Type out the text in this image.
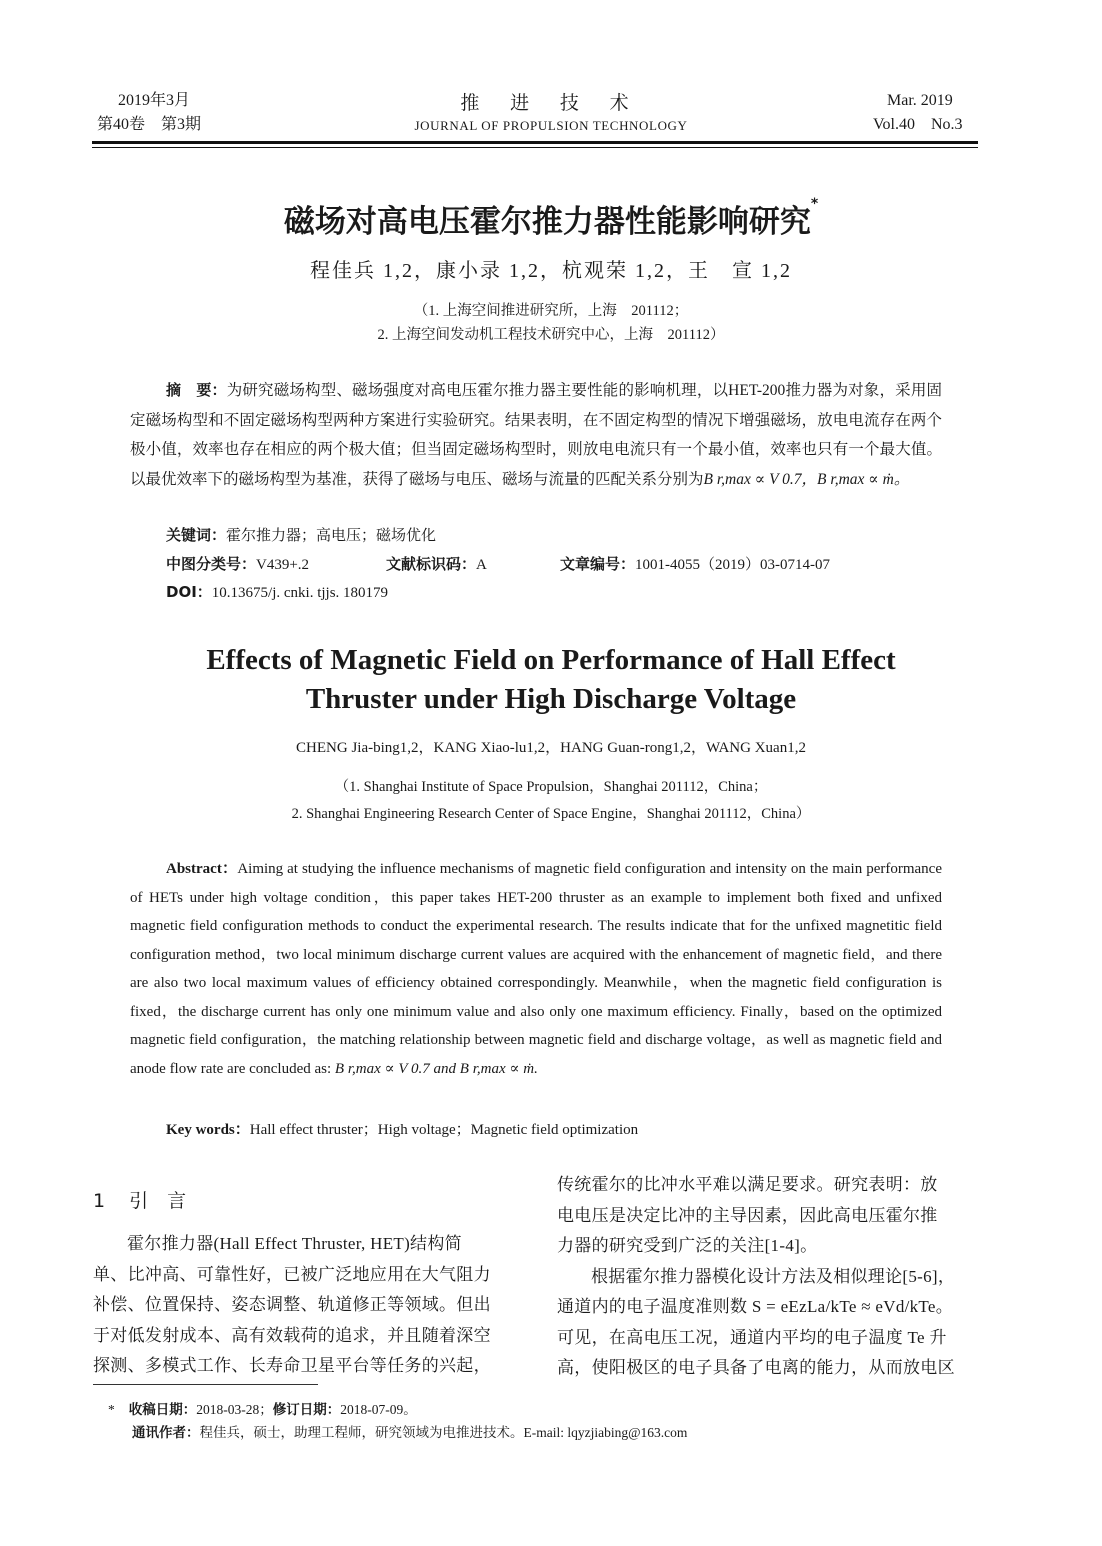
2019年3月
第40卷　第3期
推 进 技 术
JOURNAL OF PROPULSION TECHNOLOGY
Mar. 2019
Vol.40　No.3
磁场对高电压霍尔推力器性能影响研究*
程佳兵 1,2，康小录 1,2，杭观荣 1,2，王　宣 1,2
（1. 上海空间推进研究所，上海　201112；
2. 上海空间发动机工程技术研究中心，上海　201112）
摘　要：为研究磁场构型、磁场强度对高电压霍尔推力器主要性能的影响机理，以HET-200推力器为对象，采用固定磁场构型和不固定磁场构型两种方案进行实验研究。结果表明，在不固定构型的情况下增强磁场，放电电流存在两个极小值，效率也存在相应的两个极大值；但当固定磁场构型时，则放电电流只有一个最小值，效率也只有一个最大值。以最优效率下的磁场构型为基准，获得了磁场与电压、磁场与流量的匹配关系分别为B r,max ∝ V 0.7，B r,max ∝ ṁ。
关键词：霍尔推力器；高电压；磁场优化
中图分类号：V439+.2	文献标识码：A	文章编号：1001-4055（2019）03-0714-07
DOI：10.13675/j. cnki. tjjs. 180179
Effects of Magnetic Field on Performance of Hall Effect
Thruster under High Discharge Voltage
CHENG Jia-bing1,2，KANG Xiao-lu1,2，HANG Guan-rong1,2，WANG Xuan1,2
（1. Shanghai Institute of Space Propulsion，Shanghai 201112，China；
2. Shanghai Engineering Research Center of Space Engine，Shanghai 201112，China）
Abstract：Aiming at studying the influence mechanisms of magnetic field configuration and intensity on the main performance of HETs under high voltage condition，this paper takes HET-200 thruster as an example to implement both fixed and unfixed magnetic field configuration methods to conduct the experimental research. The results indicate that for the unfixed magnetitic field configuration method，two local minimum discharge current values are acquired with the enhancement of magnetic field，and there are also two local maximum values of efficiency obtained correspondingly. Meanwhile，when the magnetic field configuration is fixed，the discharge current has only one minimum value and also only one maximum efficiency. Finally，based on the optimized magnetic field configuration，the matching relationship between magnetic field and discharge voltage，as well as magnetic field and anode flow rate are concluded as: B r,max ∝ V 0.7 and B r,max ∝ ṁ.
Key words：Hall effect thruster；High voltage；Magnetic field optimization
1 引　言
霍尔推力器(Hall Effect Thruster, HET)结构简
单、比冲高、可靠性好，已被广泛地应用在大气阻力
补偿、位置保持、姿态调整、轨道修正等领域。但出
于对低发射成本、高有效载荷的追求，并且随着深空
探测、多模式工作、长寿命卫星平台等任务的兴起，
传统霍尔的比冲水平难以满足要求。研究表明：放
电电压是决定比冲的主导因素，因此高电压霍尔推
力器的研究受到广泛的关注[1-4]。
根据霍尔推力器模化设计方法及相似理论[5-6]，
通道内的电子温度准则数 S = eEzLa/kTe ≈ eVd/kTe。
可见，在高电压工况，通道内平均的电子温度 Te 升
高，使阳极区的电子具备了电离的能力，从而放电区
* 收稿日期：2018-03-28；修订日期：2018-07-09。
通讯作者：程佳兵，硕士，助理工程师，研究领域为电推进技术。E-mail: lqyzjiabing@163.com
